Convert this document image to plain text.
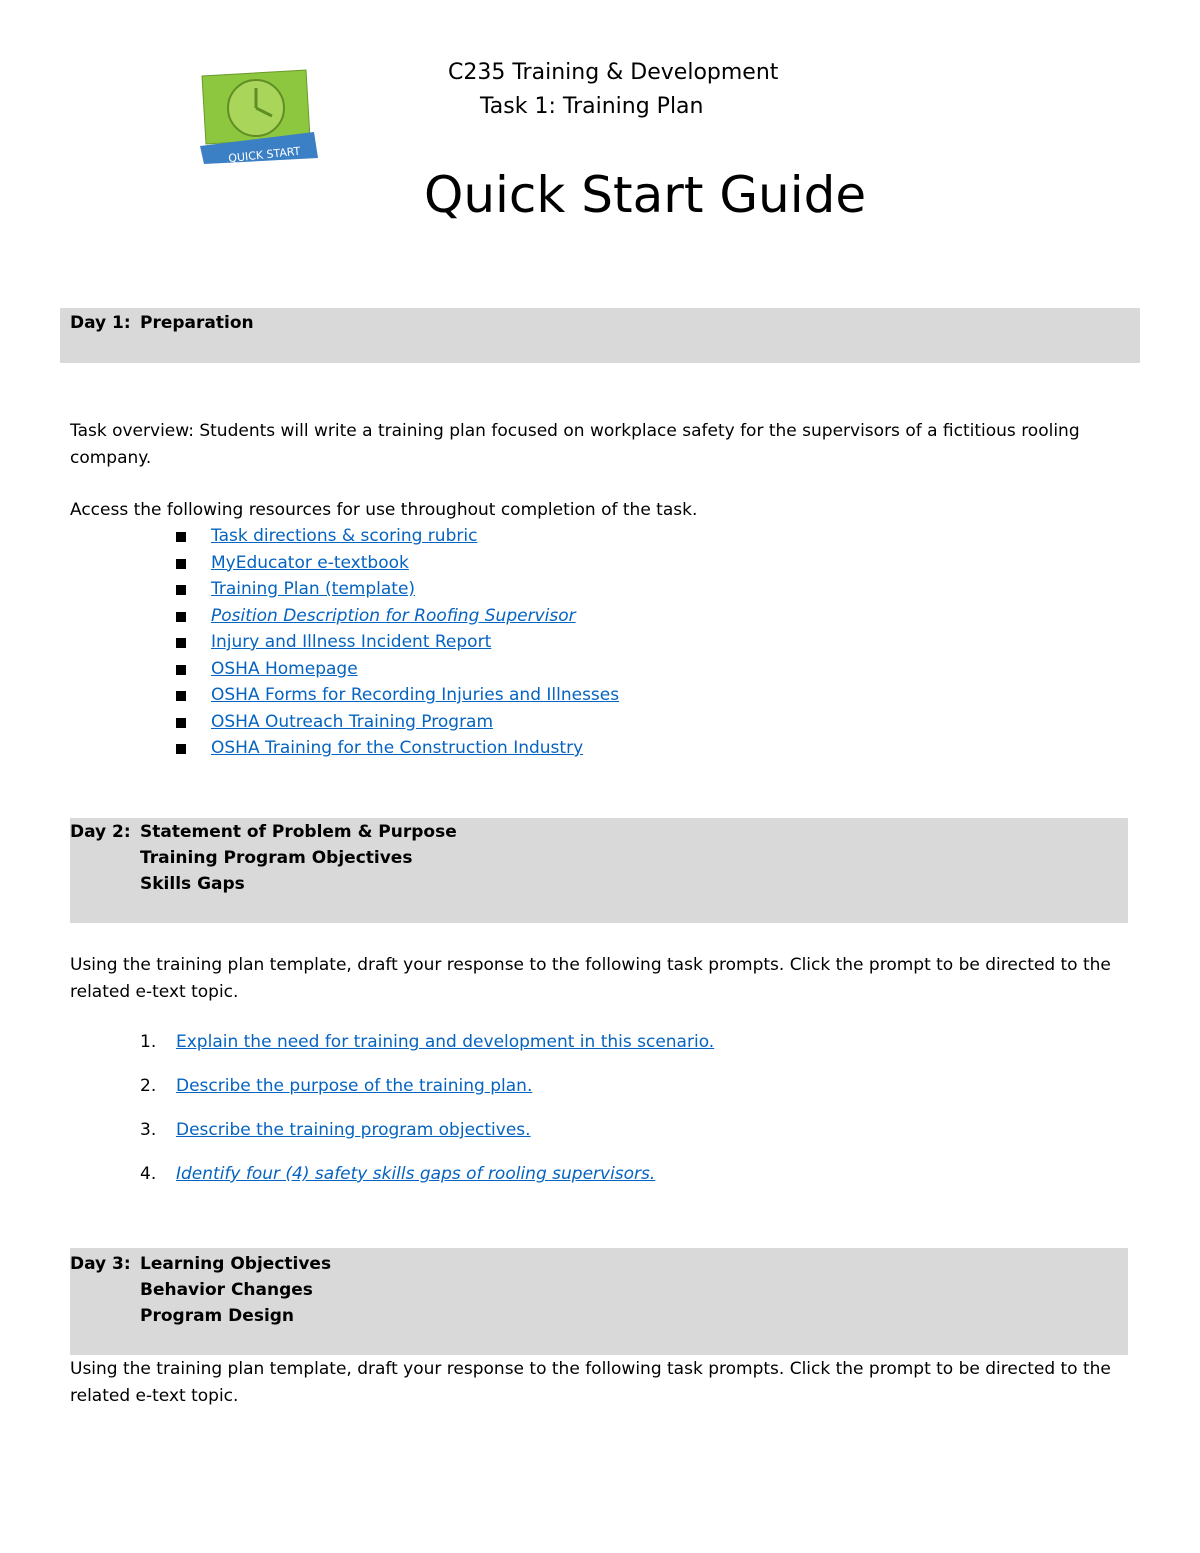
QUICK START
C235 Training & Development
Task 1: Training Plan
Quick Start Guide
Day 1: Preparation
Task overview: Students will write a training plan focused on workplace safety for the supervisors of a fictitious rooling company.
Access the following resources for use throughout completion of the task.
Task directions & scoring rubric
MyEducator e-textbook
Training Plan (template)
Position Description for Roofing Supervisor
Injury and Illness Incident Report
OSHA Homepage
OSHA Forms for Recording Injuries and Illnesses
OSHA Outreach Training Program
OSHA Training for the Construction Industry
Day 2: Statement of Problem & Purpose
Training Program Objectives
Skills Gaps
Using the training plan template, draft your response to the following task prompts. Click the prompt to be directed to the related e-text topic.
1. Explain the need for training and development in this scenario.
2. Describe the purpose of the training plan.
3. Describe the training program objectives.
4. Identify four (4) safety skills gaps of rooling supervisors.
Day 3: Learning Objectives
Behavior Changes
Program Design
Using the training plan template, draft your response to the following task prompts. Click the prompt to be directed to the related e-text topic.
